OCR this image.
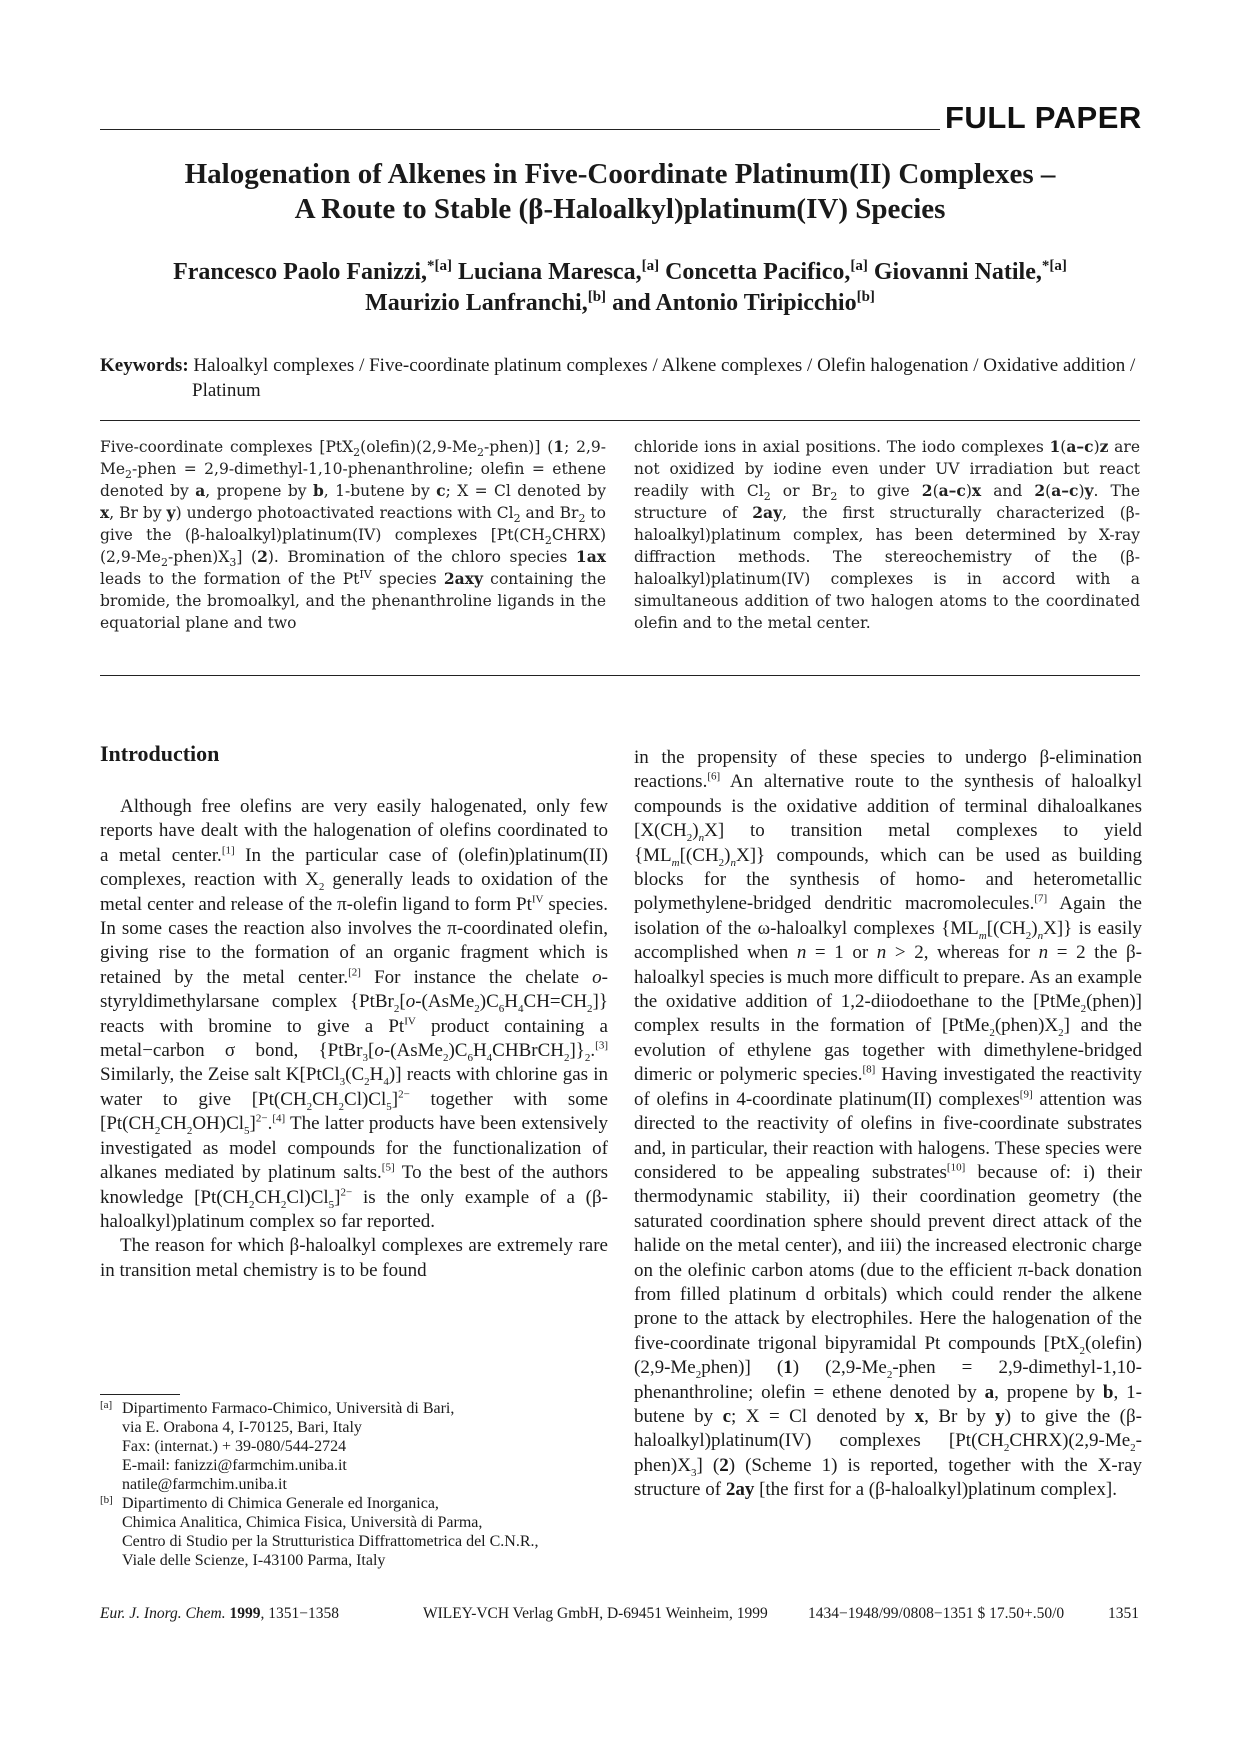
FULL PAPER
Halogenation of Alkenes in Five-Coordinate Platinum(II) Complexes –
A Route to Stable (β-Haloalkyl)platinum(IV) Species
Francesco Paolo Fanizzi,$^{*[a]}$ Luciana Maresca,[a] Concetta Pacifico,[a] Giovanni Natile,$^{*[a]}$
Maurizio Lanfranchi,[b] and Antonio Tiripicchio[b]
Keywords: Haloalkyl complexes / Five-coordinate platinum complexes / Alkene complexes / Olefin halogenation / Oxidative addition / Platinum
Five-coordinate complexes $[PtX_2(olefin)(2,9-Me_2-phen)]$ (1; $2,9-Me_2$-phen = 2,9-dimethyl-1,10-phenanthroline; olefin = ethene denoted by a, propene by b, 1-butene by c; X = Cl denoted by x, Br by y) undergo photoactivated reactions with $Cl_2$ and $Br_2$ to give the (β-haloalkyl)platinum(IV) complexes $[Pt(CH_2CHRX)(2,9-Me_2-phen)X_3]$ (2). Bromination of the chloro species 1ax leads to the formation of the $Pt^{IV}$ species 2axy containing the bromide, the bromoalkyl, and the phenanthroline ligands in the equatorial plane and two
chloride ions in axial positions. The iodo complexes 1(a–c)z are not oxidized by iodine even under UV irradiation but react readily with $Cl_2$ or $Br_2$ to give 2(a–c)x and 2(a–c)y. The structure of 2ay, the first structurally characterized (β-haloalkyl)platinum complex, has been determined by X-ray diffraction methods. The stereochemistry of the (β-haloalkyl)platinum(IV) complexes is in accord with a simultaneous addition of two halogen atoms to the coordinated olefin and to the metal center.
Introduction

Although free olefins are very easily halogenated, only few reports have dealt with the halogenation of olefins coordinated to a metal center.[1] In the particular case of (olefin)platinum(II) complexes, reaction with $X_2$ generally leads to oxidation of the metal center and release of the π-olefin ligand to form $Pt^{IV}$ species. In some cases the reaction also involves the π-coordinated olefin, giving rise to the formation of an organic fragment which is retained by the metal center.[2] For instance the chelate o-styryldimethylarsane complex $\{PtBr_2[o-(AsMe_2)C_6H_4CH=CH_2]\}$ reacts with bromine to give a $Pt^{IV}$ product containing a metal−carbon σ bond, $\{PtBr_3[o-(AsMe_2)C_6H_4CHBrCH_2]\}_2.[3]$ Similarly, the Zeise salt $K[PtCl_3(C_2H_4)]$ reacts with chlorine gas in water to give $[Pt(CH_2CH_2Cl)Cl_5]^{2-}$ together with some $[Pt(CH_2CH_2OH)Cl_5]^{2-}.[4]$ The latter products have been extensively investigated as model compounds for the functionalization of alkanes mediated by platinum salts.[5] To the best of the authors knowledge $[Pt(CH_2CH_2Cl)Cl_5]^{2-}$ is the only example of a (β-haloalkyl)platinum complex so far reported.

The reason for which β-haloalkyl complexes are extremely rare in transition metal chemistry is to be found

in the propensity of these species to undergo β-elimination reactions.[6] An alternative route to the synthesis of haloalkyl compounds is the oxidative addition of terminal dihaloalkanes $[X(CH_2)_nX]$ to transition metal complexes to yield $\{ML_m[(CH_2)_nX]\}$ compounds, which can be used as building blocks for the synthesis of homo- and heterometallic polymethylene-bridged dendritic macromolecules.[7] Again the isolation of the ω-haloalkyl complexes $\{ML_m[(CH_2)_nX]\}$ is easily accomplished when n = 1 or n > 2, whereas for n = 2 the β-haloalkyl species is much more difficult to prepare. As an example the oxidative addition of 1,2-diiodoethane to the [PtMe$_2$(phen)] complex results in the formation of $[PtMe_2(phen)X_2]$ and the evolution of ethylene gas together with dimethylene-bridged dimeric or polymeric species.[8] Having investigated the reactivity of olefins in 4-coordinate platinum(II) complexes[9] attention was directed to the reactivity of olefins in five-coordinate substrates and, in particular, their reaction with halogens. These species were considered to be appealing substrates[10] because of: i) their thermodynamic stability, ii) their coordination geometry (the saturated coordination sphere should prevent direct attack of the halide on the metal center), and iii) the increased electronic charge on the olefinic carbon atoms (due to the efficient π-back donation from filled platinum d orbitals) which could render the alkene prone to the attack by electrophiles. Here the halogenation of the five-coordinate trigonal bipyramidal Pt compounds $[PtX_2(olefin)(2,9-Me_2phen)]$ (1) ($2,9-Me_2$-phen = 2,9-dimethyl-1,10-phenanthroline; olefin = ethene denoted by a, propene by b, 1-butene by c; X = Cl denoted by x, Br by y) to give the (β-haloalkyl)platinum(IV) complexes $[Pt(CH_2CHRX)(2,9-Me_2-phen)X_3]$ (2) (Scheme 1) is reported, together with the X-ray structure of 2ay [the first for a (β-haloalkyl)platinum complex].

[a] Dipartimento Farmaco-Chimico, Università di Bari,
via E. Orabona 4, I-70125, Bari, Italy
Fax: (internat.) + 39-080/544-2724
E-mail: fanizzi@farmchim.uniba.it
natile@farmchim.uniba.it
[b] Dipartimento di Chimica Generale ed Inorganica,
Chimica Analitica, Chimica Fisica, Università di Parma,
Centro di Studio per la Strutturistica Diffrattometrica del C.N.R.,
Viale delle Scienze, I-43100 Parma, Italy
Eur. J. Inorg. Chem. 1999, 1351−1358	WILEY-VCH Verlag GmbH, D-69451 Weinheim, 1999	1434−1948/99/0808−1351 $ 17.50+.50/0	1351
